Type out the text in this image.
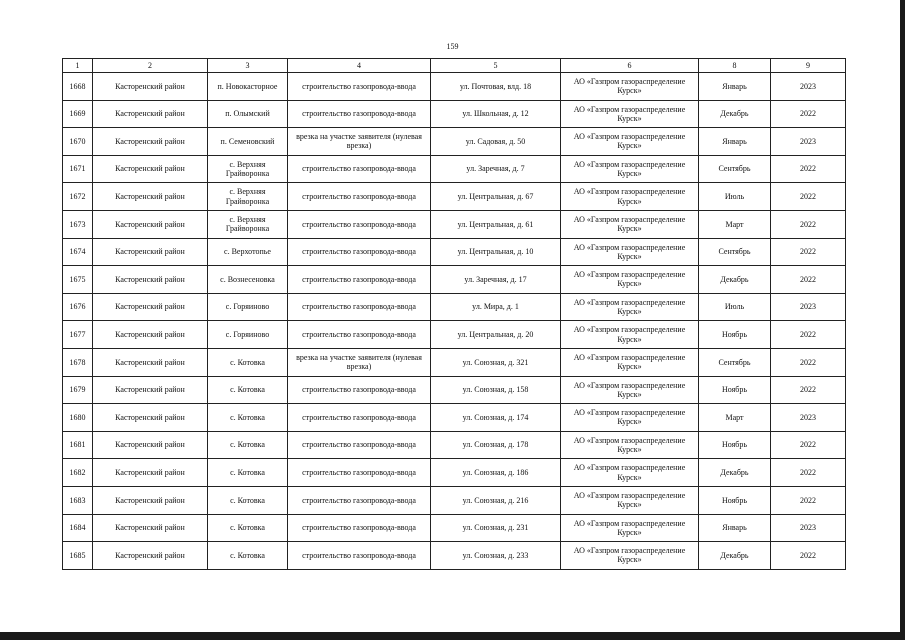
159
1	2	3	4	5	6	8	9
1668	Касторенский район	п. Новокасторное	строительство газопровода-ввода	ул. Почтовая, влд. 18	АО «Газпром газораспределение Курск»	Январь	2023
1669	Касторенский район	п. Олымский	строительство газопровода-ввода	ул. Школьная, д. 12	АО «Газпром газораспределение Курск»	Декабрь	2022
1670	Касторенский район	п. Семеновский	врезка на участке заявителя (нулевая врезка)	ул. Садовая, д. 50	АО «Газпром газораспределение Курск»	Январь	2023
1671	Касторенский район	с. Верхняя Грайворонка	строительство газопровода-ввода	ул. Заречная, д. 7	АО «Газпром газораспределение Курск»	Сентябрь	2022
1672	Касторенский район	с. Верхняя Грайворонка	строительство газопровода-ввода	ул. Центральная, д. 67	АО «Газпром газораспределение Курск»	Июль	2022
1673	Касторенский район	с. Верхняя Грайворонка	строительство газопровода-ввода	ул. Центральная, д. 61	АО «Газпром газораспределение Курск»	Март	2022
1674	Касторенский район	с. Верхотопье	строительство газопровода-ввода	ул. Центральная, д. 10	АО «Газпром газораспределение Курск»	Сентябрь	2022
1675	Касторенский район	с. Вознесеновка	строительство газопровода-ввода	ул. Заречная, д. 17	АО «Газпром газораспределение Курск»	Декабрь	2022
1676	Касторенский район	с. Горяиново	строительство газопровода-ввода	ул. Мира, д. 1	АО «Газпром газораспределение Курск»	Июль	2023
1677	Касторенский район	с. Горяиново	строительство газопровода-ввода	ул. Центральная, д. 20	АО «Газпром газораспределение Курск»	Ноябрь	2022
1678	Касторенский район	с. Котовка	врезка на участке заявителя (нулевая врезка)	ул. Союзная, д. 321	АО «Газпром газораспределение Курск»	Сентябрь	2022
1679	Касторенский район	с. Котовка	строительство газопровода-ввода	ул. Союзная, д. 158	АО «Газпром газораспределение Курск»	Ноябрь	2022
1680	Касторенский район	с. Котовка	строительство газопровода-ввода	ул. Союзная, д. 174	АО «Газпром газораспределение Курск»	Март	2023
1681	Касторенский район	с. Котовка	строительство газопровода-ввода	ул. Союзная, д. 178	АО «Газпром газораспределение Курск»	Ноябрь	2022
1682	Касторенский район	с. Котовка	строительство газопровода-ввода	ул. Союзная, д. 186	АО «Газпром газораспределение Курск»	Декабрь	2022
1683	Касторенский район	с. Котовка	строительство газопровода-ввода	ул. Союзная, д. 216	АО «Газпром газораспределение Курск»	Ноябрь	2022
1684	Касторенский район	с. Котовка	строительство газопровода-ввода	ул. Союзная, д. 231	АО «Газпром газораспределение Курск»	Январь	2023
1685	Касторенский район	с. Котовка	строительство газопровода-ввода	ул. Союзная, д. 233	АО «Газпром газораспределение Курск»	Декабрь	2022
